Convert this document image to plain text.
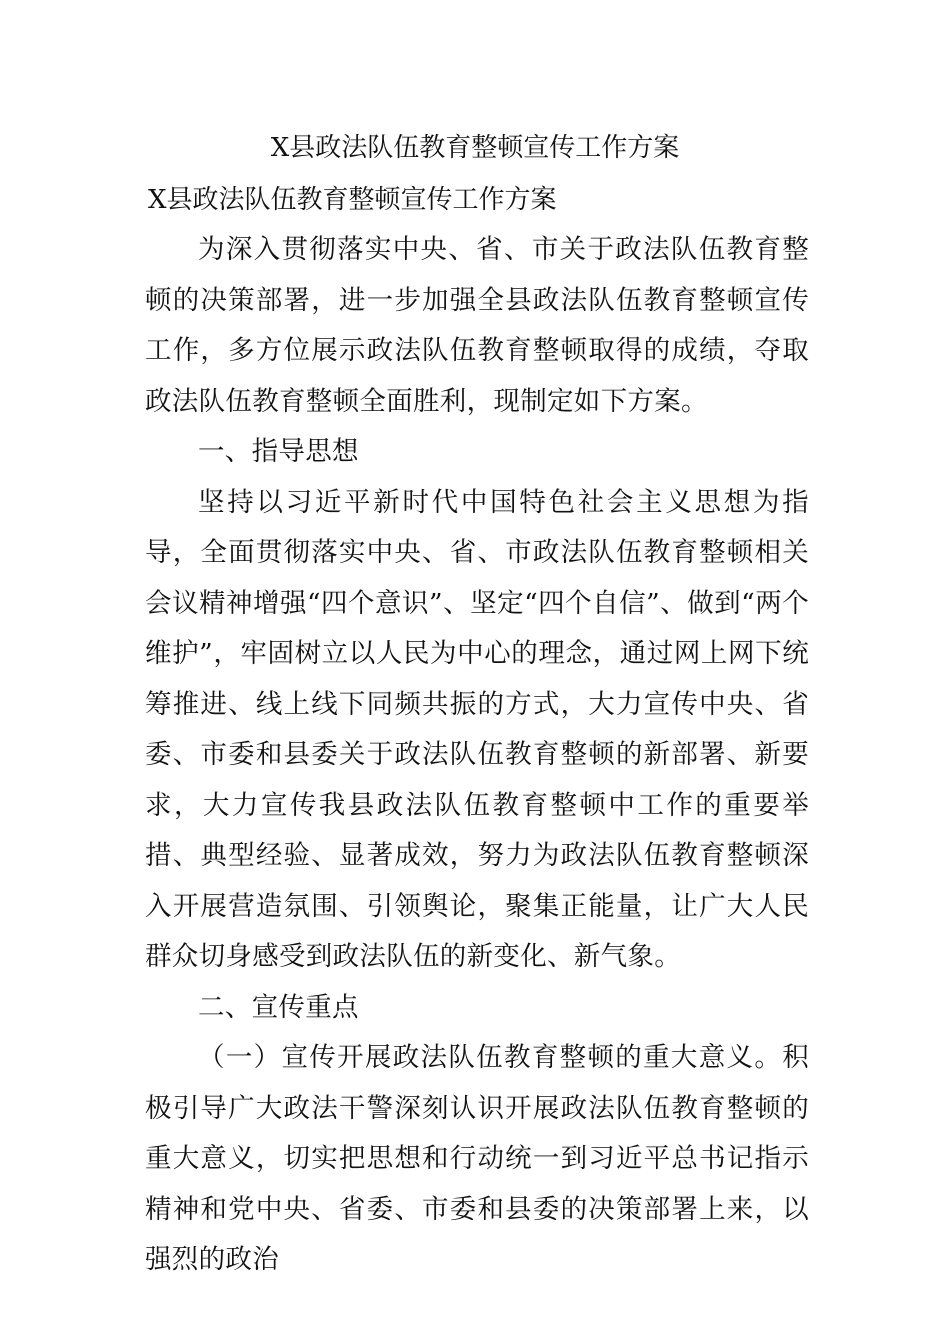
X县政法队伍教育整顿宣传工作方案
X县政法队伍教育整顿宣传工作方案

为深入贯彻落实中央、省、市关于政法队伍教育整顿的决策部署，进一步加强全县政法队伍教育整顿宣传工作，多方位展示政法队伍教育整顿取得的成绩，夺取政法队伍教育整顿全面胜利，现制定如下方案。

一、指导思想

坚持以习近平新时代中国特色社会主义思想为指导，全面贯彻落实中央、省、市政法队伍教育整顿相关会议精神增强“四个意识”、坚定“四个自信”、做到“两个维护”，牢固树立以人民为中心的理念，通过网上网下统筹推进、线上线下同频共振的方式，大力宣传中央、省委、市委和县委关于政法队伍教育整顿的新部署、新要求，大力宣传我县政法队伍教育整顿中工作的重要举措、典型经验、显著成效，努力为政法队伍教育整顿深入开展营造氛围、引领舆论，聚集正能量，让广大人民群众切身感受到政法队伍的新变化、新气象。

二、宣传重点

（一）宣传开展政法队伍教育整顿的重大意义。积极引导广大政法干警深刻认识开展政法队伍教育整顿的重大意义，切实把思想和行动统一到习近平总书记指示精神和党中央、省委、市委和县委的决策部署上来，以强烈的政治
